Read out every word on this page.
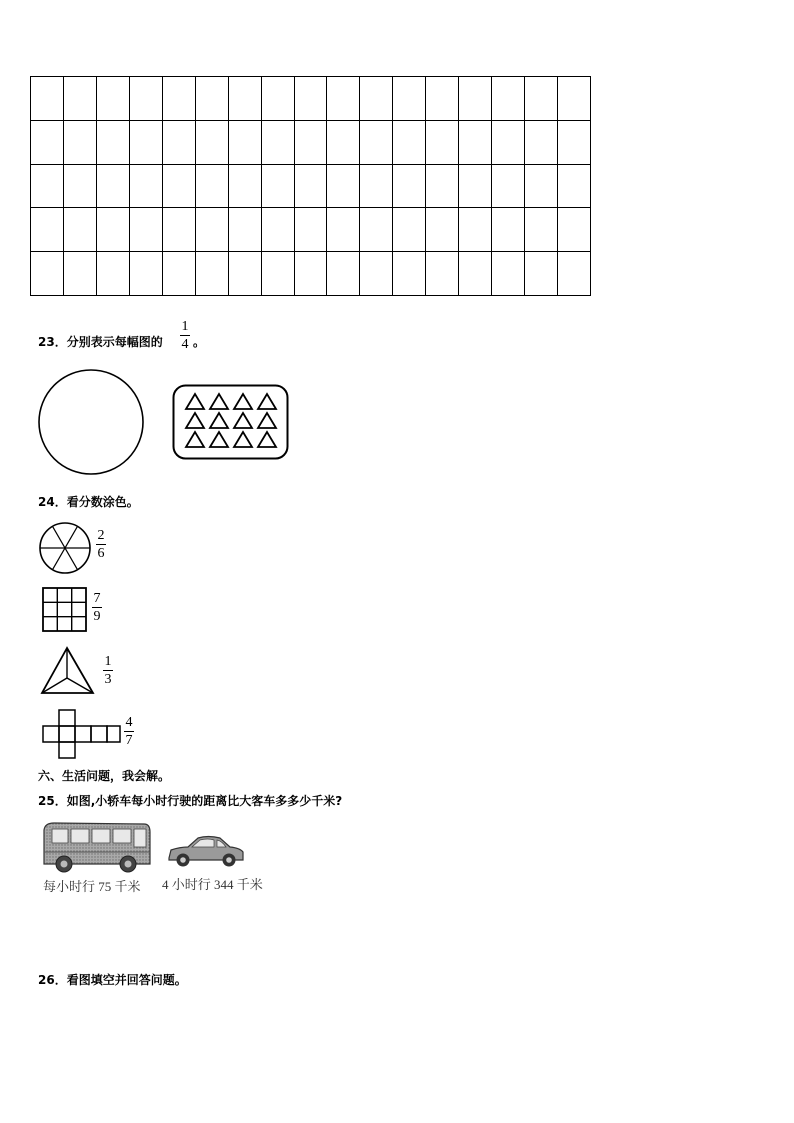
23．分别表示每幅图的
1
4 。
24．看分数涂色。
2
6
7
9
1
3
4
7
六、生活问题，我会解。
25．如图,小轿车每小时行驶的距离比大客车多多少千米?
每小时行 75 千米 4 小时行 344 千米
26．看图填空并回答问题。
